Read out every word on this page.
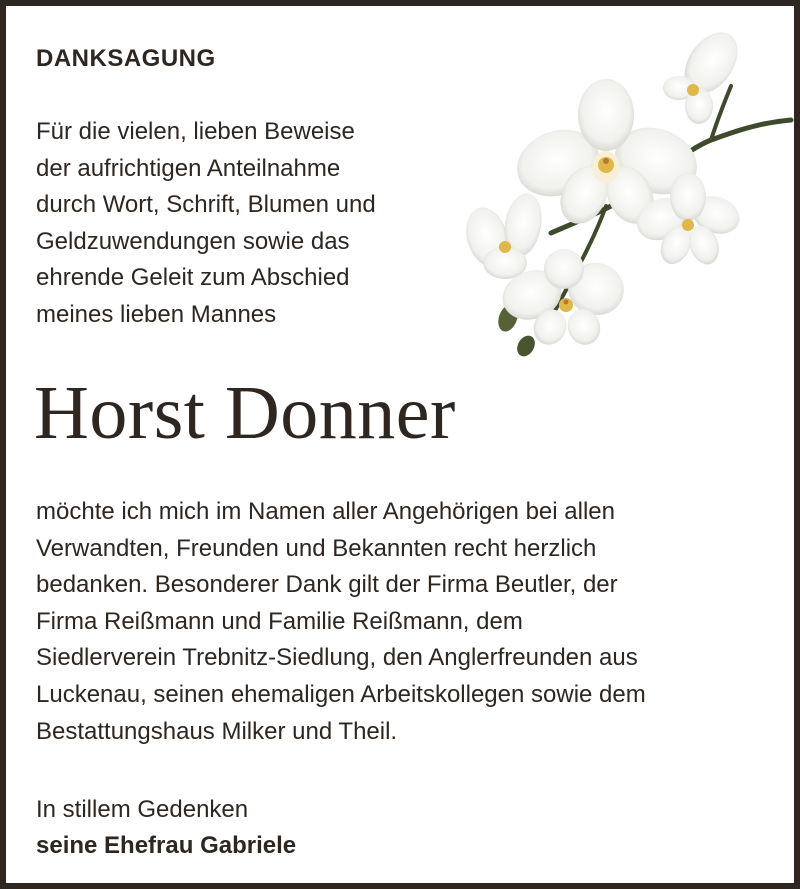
DANKSAGUNG
Für die vielen, lieben Beweise
der aufrichtigen Anteilnahme
durch Wort, Schrift, Blumen und
Geldzuwendungen sowie das
ehrende Geleit zum Abschied
meines lieben Mannes
Horst Donner
möchte ich mich im Namen aller Angehörigen bei allen
Verwandten, Freunden und Bekannten recht herzlich
bedanken. Besonderer Dank gilt der Firma Beutler, der
Firma Reißmann und Familie Reißmann, dem
Siedlerverein Trebnitz-Siedlung, den Anglerfreunden aus
Luckenau, seinen ehemaligen Arbeitskollegen sowie dem
Bestattungshaus Milker und Theil.
In stillem Gedenken
seine Ehefrau Gabriele
